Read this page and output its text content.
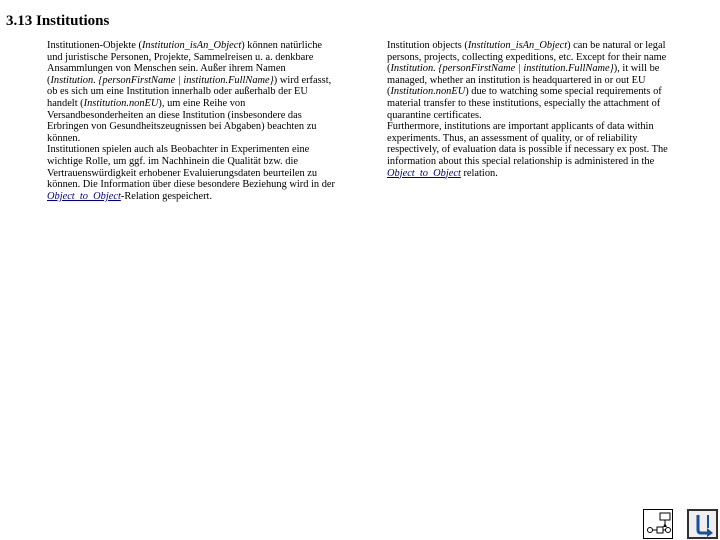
3.13 Institutions

Institutionen-Objekte (Institution_isAn_Object) können natürliche und juristische Personen, Projekte, Sammelreisen u. a. denkbare Ansammlungen von Menschen sein. Außer ihrem Namen (Institution. {personFirstName | institution.FullName}) wird erfasst, ob es sich um eine Institution innerhalb oder außerhalb der EU handelt (Institution.nonEU), um eine Reihe von Versandbesonderheiten an diese Institution (insbesondere das Erbringen von Gesundheitszeugnissen bei Abgaben) beachten zu können.

Institutionen spielen auch als Beobachter in Experimenten eine wichtige Rolle, um ggf. im Nachhinein die Qualität bzw. die Vertrauenswürdigkeit erhobener Evaluierungsdaten beurteilen zu können. Die Information über diese besondere Beziehung wird in der Object_to_Object-Relation gespeichert.

Institution objects (Institution_isAn_Object) can be natural or legal persons, projects, collecting expeditions, etc. Except for their name (Institution. {personFirstName | institution.FullName}), it will be managed, whether an institution is headquartered in or out EU (Institution.nonEU) due to watching some special requirements of material transfer to these institutions, especially the attachment of quarantine certificates.

Furthermore, institutions are important applicants of data within experiments. Thus, an assessment of quality, or of reliability respectively, of evaluation data is possible if necessary ex post. The information about this special relationship is administered in the Object_to_Object relation.
